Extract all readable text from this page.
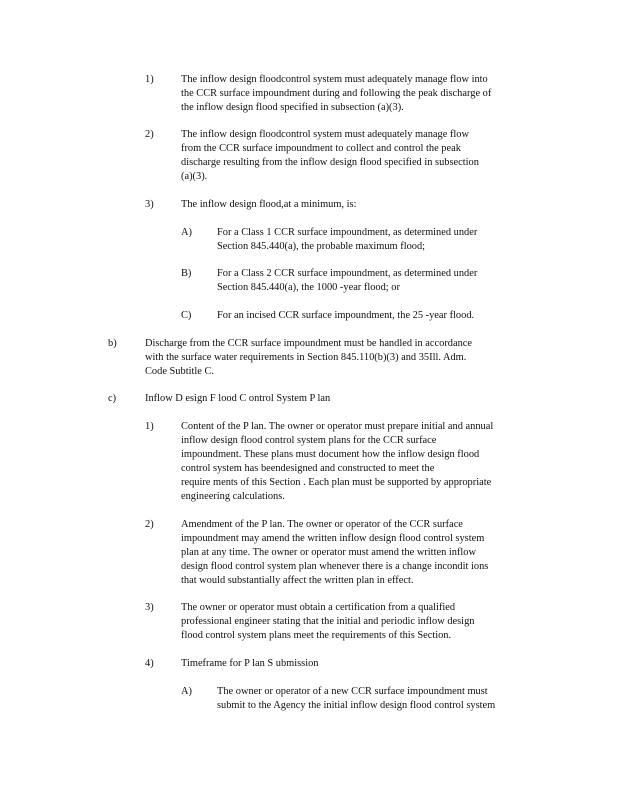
1)	The inflow design floodcontrol system must adequately manage flow into
the CCR surface impoundment during and following the peak discharge of
the inflow design flood specified in subsection (a)(3).
2)	The inflow design floodcontrol system must adequately manage flow
from the CCR surface impoundment to collect and control the peak
discharge resulting from the inflow design flood specified in subsection
(a)(3).
3)	The inflow design flood,at a minimum, is:
A) For a Class 1 CCR surface impoundment, as determined under
Section 845.440(a), the probable maximum flood;
B) For a Class 2 CCR surface impoundment, as determined under
Section 845.440(a), the 1000 -year flood; or
C) For an incised CCR surface impoundment, the 25 -year flood.
b)	Discharge from the CCR surface impoundment must be handled in accordance
with the surface water requirements in Section 845.110(b)(3) and 35Ill. Adm.
Code Subtitle C.
c)	Inflow D esign F lood C ontrol System P lan
1)	Content of the P lan. The owner or operator must prepare initial and annual
inflow design flood control system plans for the CCR surface
impoundment. These plans must document how the inflow design flood
control system has beendesigned and constructed to meet the
require ments of this Section . Each plan must be supported by appropriate
engineering calculations.
2)	Amendment of the P lan. The owner or operator of the CCR surface
impoundment may amend the written inflow design flood control system
plan at any time. The owner or operator must amend the written inflow
design flood control system plan whenever there is a change incondit ions
that would substantially affect the written plan in effect.
3)	The owner or operator must obtain a certification from a qualified
professional engineer stating that the initial and periodic inflow design
flood control system plans meet the requirements of this Section.
4)	Timeframe for P lan S ubmission
A) The owner or operator of a new CCR surface impoundment must
submit to the Agency the initial inflow design flood control system
